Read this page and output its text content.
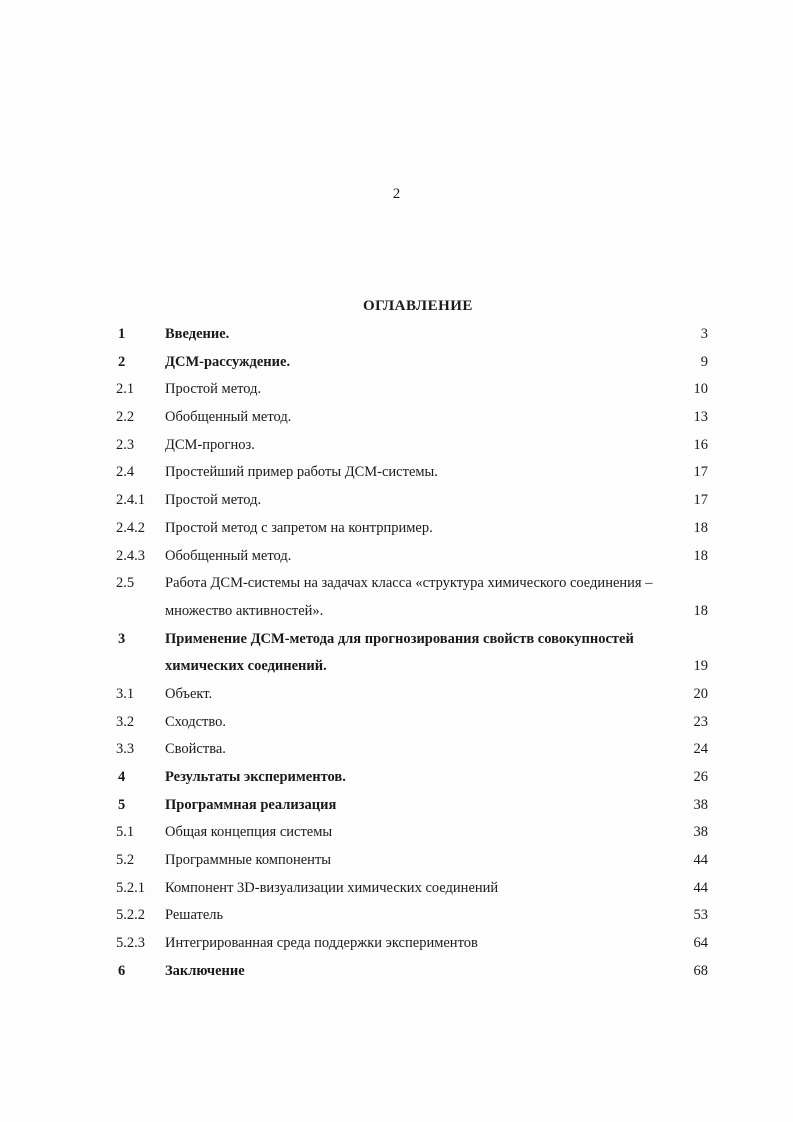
2
ОГЛАВЛЕНИЕ
1	Введение.	3
2	ДСМ-рассуждение.	9
2.1 Простой метод.	10
2.2 Обобщенный метод.	13
2.3 ДСМ-прогноз.	16
2.4 Простейший пример работы ДСМ-системы.	17
2.4.1 Простой метод.	17
2.4.2 Простой метод с запретом на контрпример.	18
2.4.3 Обобщенный метод.	18
2.5 Работа ДСМ-системы на задачах класса «структура химического соединения –
множество активностей».	18
3	Применение ДСМ-метода для прогнозирования свойств совокупностей
химических соединений.	19
3.1 Объект.	20
3.2 Сходство.	23
3.3 Свойства.	24
4	Результаты экспериментов.	26
5	Программная реализация	38
5.1 Общая концепция системы	38
5.2 Программные компоненты	44
5.2.1 Компонент 3D-визуализации химических соединений	44
5.2.2 Решатель	53
5.2.3 Интегрированная среда поддержки экспериментов	64
6	Заключение	68
